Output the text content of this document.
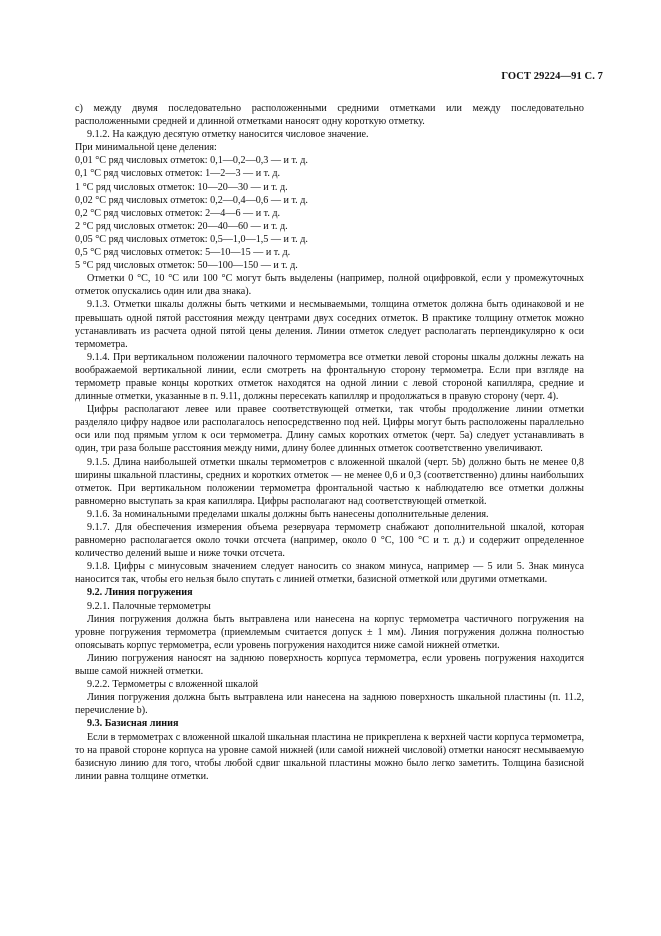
ГОСТ 29224—91 С. 7

с) между двумя последовательно расположенными средними отметками или между последовательно расположенными средней и длинной отметками наносят одну короткую отметку.

9.1.2. На каждую десятую отметку наносится числовое значение.

При минимальной цене деления:

0,01 °С ряд числовых отметок: 0,1—0,2—0,3 — и т. д.

0,1 °С ряд числовых отметок: 1—2—3 — и т. д.

1 °С ряд числовых отметок: 10—20—30 — и т. д.

0,02 °С ряд числовых отметок: 0,2—0,4—0,6 — и т. д.

0,2 °С ряд числовых отметок: 2—4—6 — и т. д.

2 °С ряд числовых отметок: 20—40—60 — и т. д.

0,05 °С ряд числовых отметок: 0,5—1,0—1,5 — и т. д.

0,5 °С ряд числовых отметок: 5—10—15 — и т. д.

5 °С ряд числовых отметок: 50—100—150 — и т. д.

Отметки 0 °С, 10 °С или 100 °С могут быть выделены (например, полной оцифровкой, если у промежуточных отметок опускались один или два знака).

9.1.3. Отметки шкалы должны быть четкими и несмываемыми, толщина отметок должна быть одинаковой и не превышать одной пятой расстояния между центрами двух соседних отметок. В практике толщину отметок можно устанавливать из расчета одной пятой цены деления. Линии отметок следует располагать перпендикулярно к оси термометра.

9.1.4. При вертикальном положении палочного термометра все отметки левой стороны шкалы должны лежать на воображаемой вертикальной линии, если смотреть на фронтальную сторону термометра. Если при взгляде на термометр правые концы коротких отметок находятся на одной линии с левой стороной капилляра, средние и длинные отметки, указанные в п. 9.11, должны пересекать капилляр и продолжаться в правую сторону (черт. 4).

Цифры располагают левее или правее соответствующей отметки, так чтобы продолжение линии отметки разделяло цифру надвое или располагалось непосредственно под ней. Цифры могут быть расположены параллельно оси или под прямым углом к оси термометра. Длину самых коротких отметок (черт. 5а) следует устанавливать в один, три раза больше расстояния между ними, длину более длинных отметок соответственно увеличивают.

9.1.5. Длина наибольшей отметки шкалы термометров с вложенной шкалой (черт. 5b) должно быть не менее 0,8 ширины шкальной пластины, средних и коротких отметок — не менее 0,6 и 0,3 (соответственно) длины наибольших отметок. При вертикальном положении термометра фронтальной частью к наблюдателю все отметки должны равномерно выступать за края капилляра. Цифры располагают над соответствующей отметкой.

9.1.6. За номинальными пределами шкалы должны быть нанесены дополнительные деления.

9.1.7. Для обеспечения измерения объема резервуара термометр снабжают дополнительной шкалой, которая равномерно располагается около точки отсчета (например, около 0 °С, 100 °С и т. д.) и содержит определенное количество делений выше и ниже точки отсчета.

9.1.8. Цифры с минусовым значением следует наносить со знаком минуса, например — 5 или 5. Знак минуса наносится так, чтобы его нельзя было спутать с линией отметки, базисной отметкой или другими отметками.

9.2. Линия погружения

9.2.1. Палочные термометры

Линия погружения должна быть вытравлена или нанесена на корпус термометра частичного погружения на уровне погружения термометра (приемлемым считается допуск ± 1 мм). Линия погружения должна полностью опоясывать корпус термометра, если уровень погружения находится ниже самой нижней отметки.

Линию погружения наносят на заднюю поверхность корпуса термометра, если уровень погружения находится выше самой нижней отметки.

9.2.2. Термометры с вложенной шкалой

Линия погружения должна быть вытравлена или нанесена на заднюю поверхность шкальной пластины (п. 11.2, перечисление b).

9.3. Базисная линия

Если в термометрах с вложенной шкалой шкальная пластина не прикреплена к верхней части корпуса термометра, то на правой стороне корпуса на уровне самой нижней (или самой нижней числовой) отметки наносят несмываемую базисную линию для того, чтобы любой сдвиг шкальной пластины можно было легко заметить. Толщина базисной линии равна толщине отметки.
